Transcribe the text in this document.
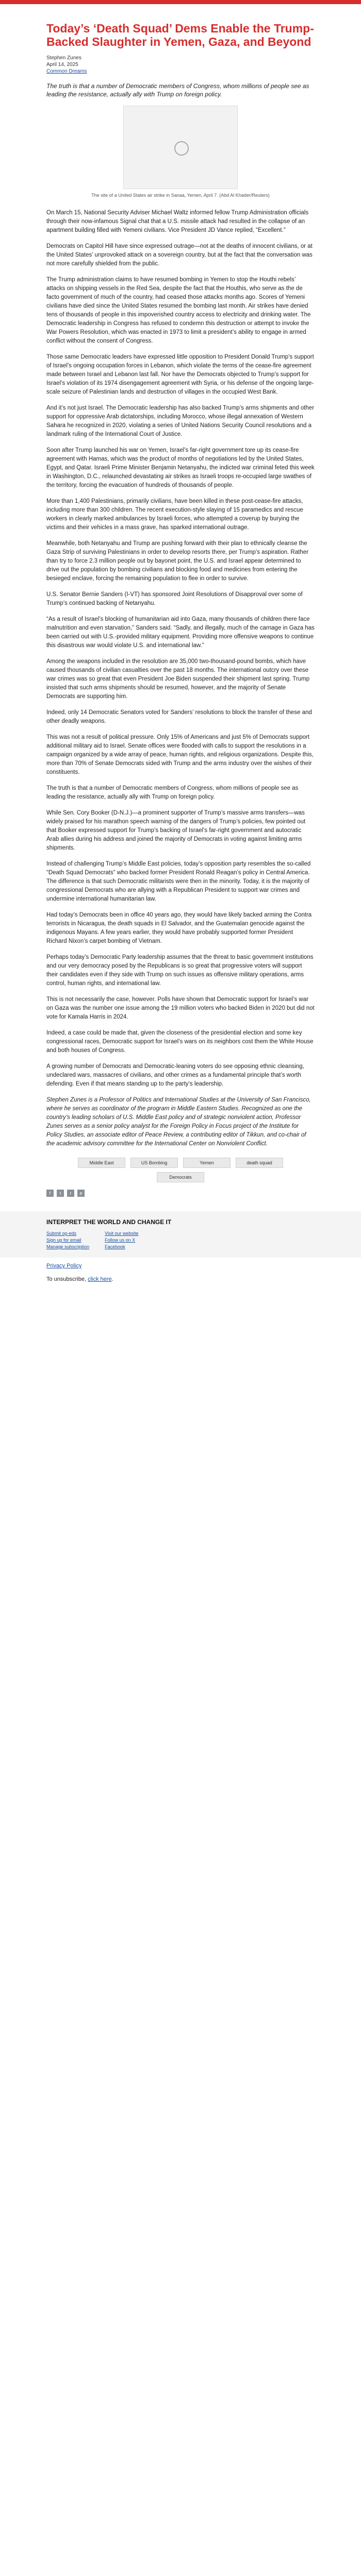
Today’s ‘Death Squad’ Dems Enable the Trump-Backed Slaughter in Yemen, Gaza, and Beyond
Stephen Zunes
April 14, 2025
Common Dreams
The truth is that a number of Democratic members of Congress, whom millions of people see as leading the resistance, actually ally with Trump on foreign policy.
The site of a United States air strike in Sanaa, Yemen, April 7. (Abd Al Khader/Reuters)

On March 15, National Security Adviser Michael Waltz informed fellow Trump Administration officials through their now-infamous Signal chat that a U.S. missile attack had resulted in the collapse of an apartment building filled with Yemeni civilians. Vice President JD Vance replied, “Excellent.”

Democrats on Capitol Hill have since expressed outrage—not at the deaths of innocent civilians, or at the United States’ unprovoked attack on a sovereign country, but at the fact that the conversation was not more carefully shielded from the public.

The Trump administration claims to have resumed bombing in Yemen to stop the Houthi rebels’ attacks on shipping vessels in the Red Sea, despite the fact that the Houthis, who serve as the de facto government of much of the country, had ceased those attacks months ago. Scores of Yemeni civilians have died since the United States resumed the bombing last month. Air strikes have denied tens of thousands of people in this impoverished country access to electricity and drinking water. The Democratic leadership in Congress has refused to condemn this destruction or attempt to invoke the War Powers Resolution, which was enacted in 1973 to limit a president’s ability to engage in armed conflict without the consent of Congress.

Those same Democratic leaders have expressed little opposition to President Donald Trump’s support of Israel’s ongoing occupation forces in Lebanon, which violate the terms of the cease-fire agreement made between Israel and Lebanon last fall. Nor have the Democrats objected to Trump’s support for Israel’s violation of its 1974 disengagement agreement with Syria, or his defense of the ongoing large-scale seizure of Palestinian lands and destruction of villages in the occupied West Bank.

And it’s not just Israel. The Democratic leadership has also backed Trump’s arms shipments and other support for oppressive Arab dictatorships, including Morocco, whose illegal annexation of Western Sahara he recognized in 2020, violating a series of United Nations Security Council resolutions and a landmark ruling of the International Court of Justice.

Soon after Trump launched his war on Yemen, Israel’s far-right government tore up its cease-fire agreement with Hamas, which was the product of months of negotiations led by the United States, Egypt, and Qatar. Israeli Prime Minister Benjamin Netanyahu, the indicted war criminal feted this week in Washington, D.C., relaunched devastating air strikes as Israeli troops re-occupied large swathes of the territory, forcing the evacuation of hundreds of thousands of people.

More than 1,400 Palestinians, primarily civilians, have been killed in these post-cease-fire attacks, including more than 300 children. The recent execution-style slaying of 15 paramedics and rescue workers in clearly marked ambulances by Israeli forces, who attempted a coverup by burying the victims and their vehicles in a mass grave, has sparked international outrage.

Meanwhile, both Netanyahu and Trump are pushing forward with their plan to ethnically cleanse the Gaza Strip of surviving Palestinians in order to develop resorts there, per Trump’s aspiration. Rather than try to force 2.3 million people out by bayonet point, the U.S. and Israel appear determined to drive out the population by bombing civilians and blocking food and medicines from entering the besieged enclave, forcing the remaining population to flee in order to survive.

U.S. Senator Bernie Sanders (I-VT) has sponsored Joint Resolutions of Disapproval over some of Trump’s continued backing of Netanyahu.

“As a result of Israel’s blocking of humanitarian aid into Gaza, many thousands of children there face malnutrition and even starvation,” Sanders said. “Sadly, and illegally, much of the carnage in Gaza has been carried out with U.S.-provided military equipment. Providing more offensive weapons to continue this disastrous war would violate U.S. and international law.”

Among the weapons included in the resolution are 35,000 two-thousand-pound bombs, which have caused thousands of civilian casualties over the past 18 months. The international outcry over these war crimes was so great that even President Joe Biden suspended their shipment last spring. Trump insisted that such arms shipments should be resumed, however, and the majority of Senate Democrats are supporting him.

Indeed, only 14 Democratic Senators voted for Sanders’ resolutions to block the transfer of these and other deadly weapons.

This was not a result of political pressure. Only 15% of Americans and just 5% of Democrats support additional military aid to Israel. Senate offices were flooded with calls to support the resolutions in a campaign organized by a wide array of peace, human rights, and religious organizations. Despite this, more than 70% of Senate Democrats sided with Trump and the arms industry over the wishes of their constituents.

The truth is that a number of Democratic members of Congress, whom millions of people see as leading the resistance, actually ally with Trump on foreign policy.

While Sen. Cory Booker (D-N.J.)—a prominent supporter of Trump’s massive arms transfers—was widely praised for his marathon speech warning of the dangers of Trump’s policies, few pointed out that Booker expressed support for Trump’s backing of Israel’s far-right government and autocratic Arab allies during his address and joined the majority of Democrats in voting against limiting arms shipments.

Instead of challenging Trump’s Middle East policies, today’s opposition party resembles the so-called “Death Squad Democrats” who backed former President Ronald Reagan’s policy in Central America. The difference is that such Democratic militarists were then in the minority. Today, it is the majority of congressional Democrats who are allying with a Republican President to support war crimes and undermine international humanitarian law.

Had today’s Democrats been in office 40 years ago, they would have likely backed arming the Contra terrorists in Nicaragua, the death squads in El Salvador, and the Guatemalan genocide against the indigenous Mayans. A few years earlier, they would have probably supported former President Richard Nixon’s carpet bombing of Vietnam.

Perhaps today’s Democratic Party leadership assumes that the threat to basic government institutions and our very democracy posed by the Republicans is so great that progressive voters will support their candidates even if they side with Trump on such issues as offensive military operations, arms control, human rights, and international law.

This is not necessarily the case, however. Polls have shown that Democratic support for Israel’s war on Gaza was the number one issue among the 19 million voters who backed Biden in 2020 but did not vote for Kamala Harris in 2024.

Indeed, a case could be made that, given the closeness of the presidential election and some key congressional races, Democratic support for Israel’s wars on its neighbors cost them the White House and both houses of Congress.

A growing number of Democrats and Democratic-leaning voters do see opposing ethnic cleansing, undeclared wars, massacres of civilians, and other crimes as a fundamental principle that’s worth defending. Even if that means standing up to the party’s leadership.

Stephen Zunes is a Professor of Politics and International Studies at the University of San Francisco, where he serves as coordinator of the program in Middle Eastern Studies. Recognized as one the country’s leading scholars of U.S. Middle East policy and of strategic nonviolent action, Professor Zunes serves as a senior policy analyst for the Foreign Policy in Focus project of the Institute for Policy Studies, an associate editor of Peace Review, a contributing editor of Tikkun, and co-chair of the academic advisory committee for the International Center on Nonviolent Conflict.
Middle East	US Bombing	Yemen	death squad
Democrats
f	t	r	e
INTERPRET THE WORLD AND CHANGE IT
Submit op-eds
Sign up for email
Manage subscription
Visit our website
Follow us on X
Facebook
Privacy Policy
To unsubscribe, click here.
